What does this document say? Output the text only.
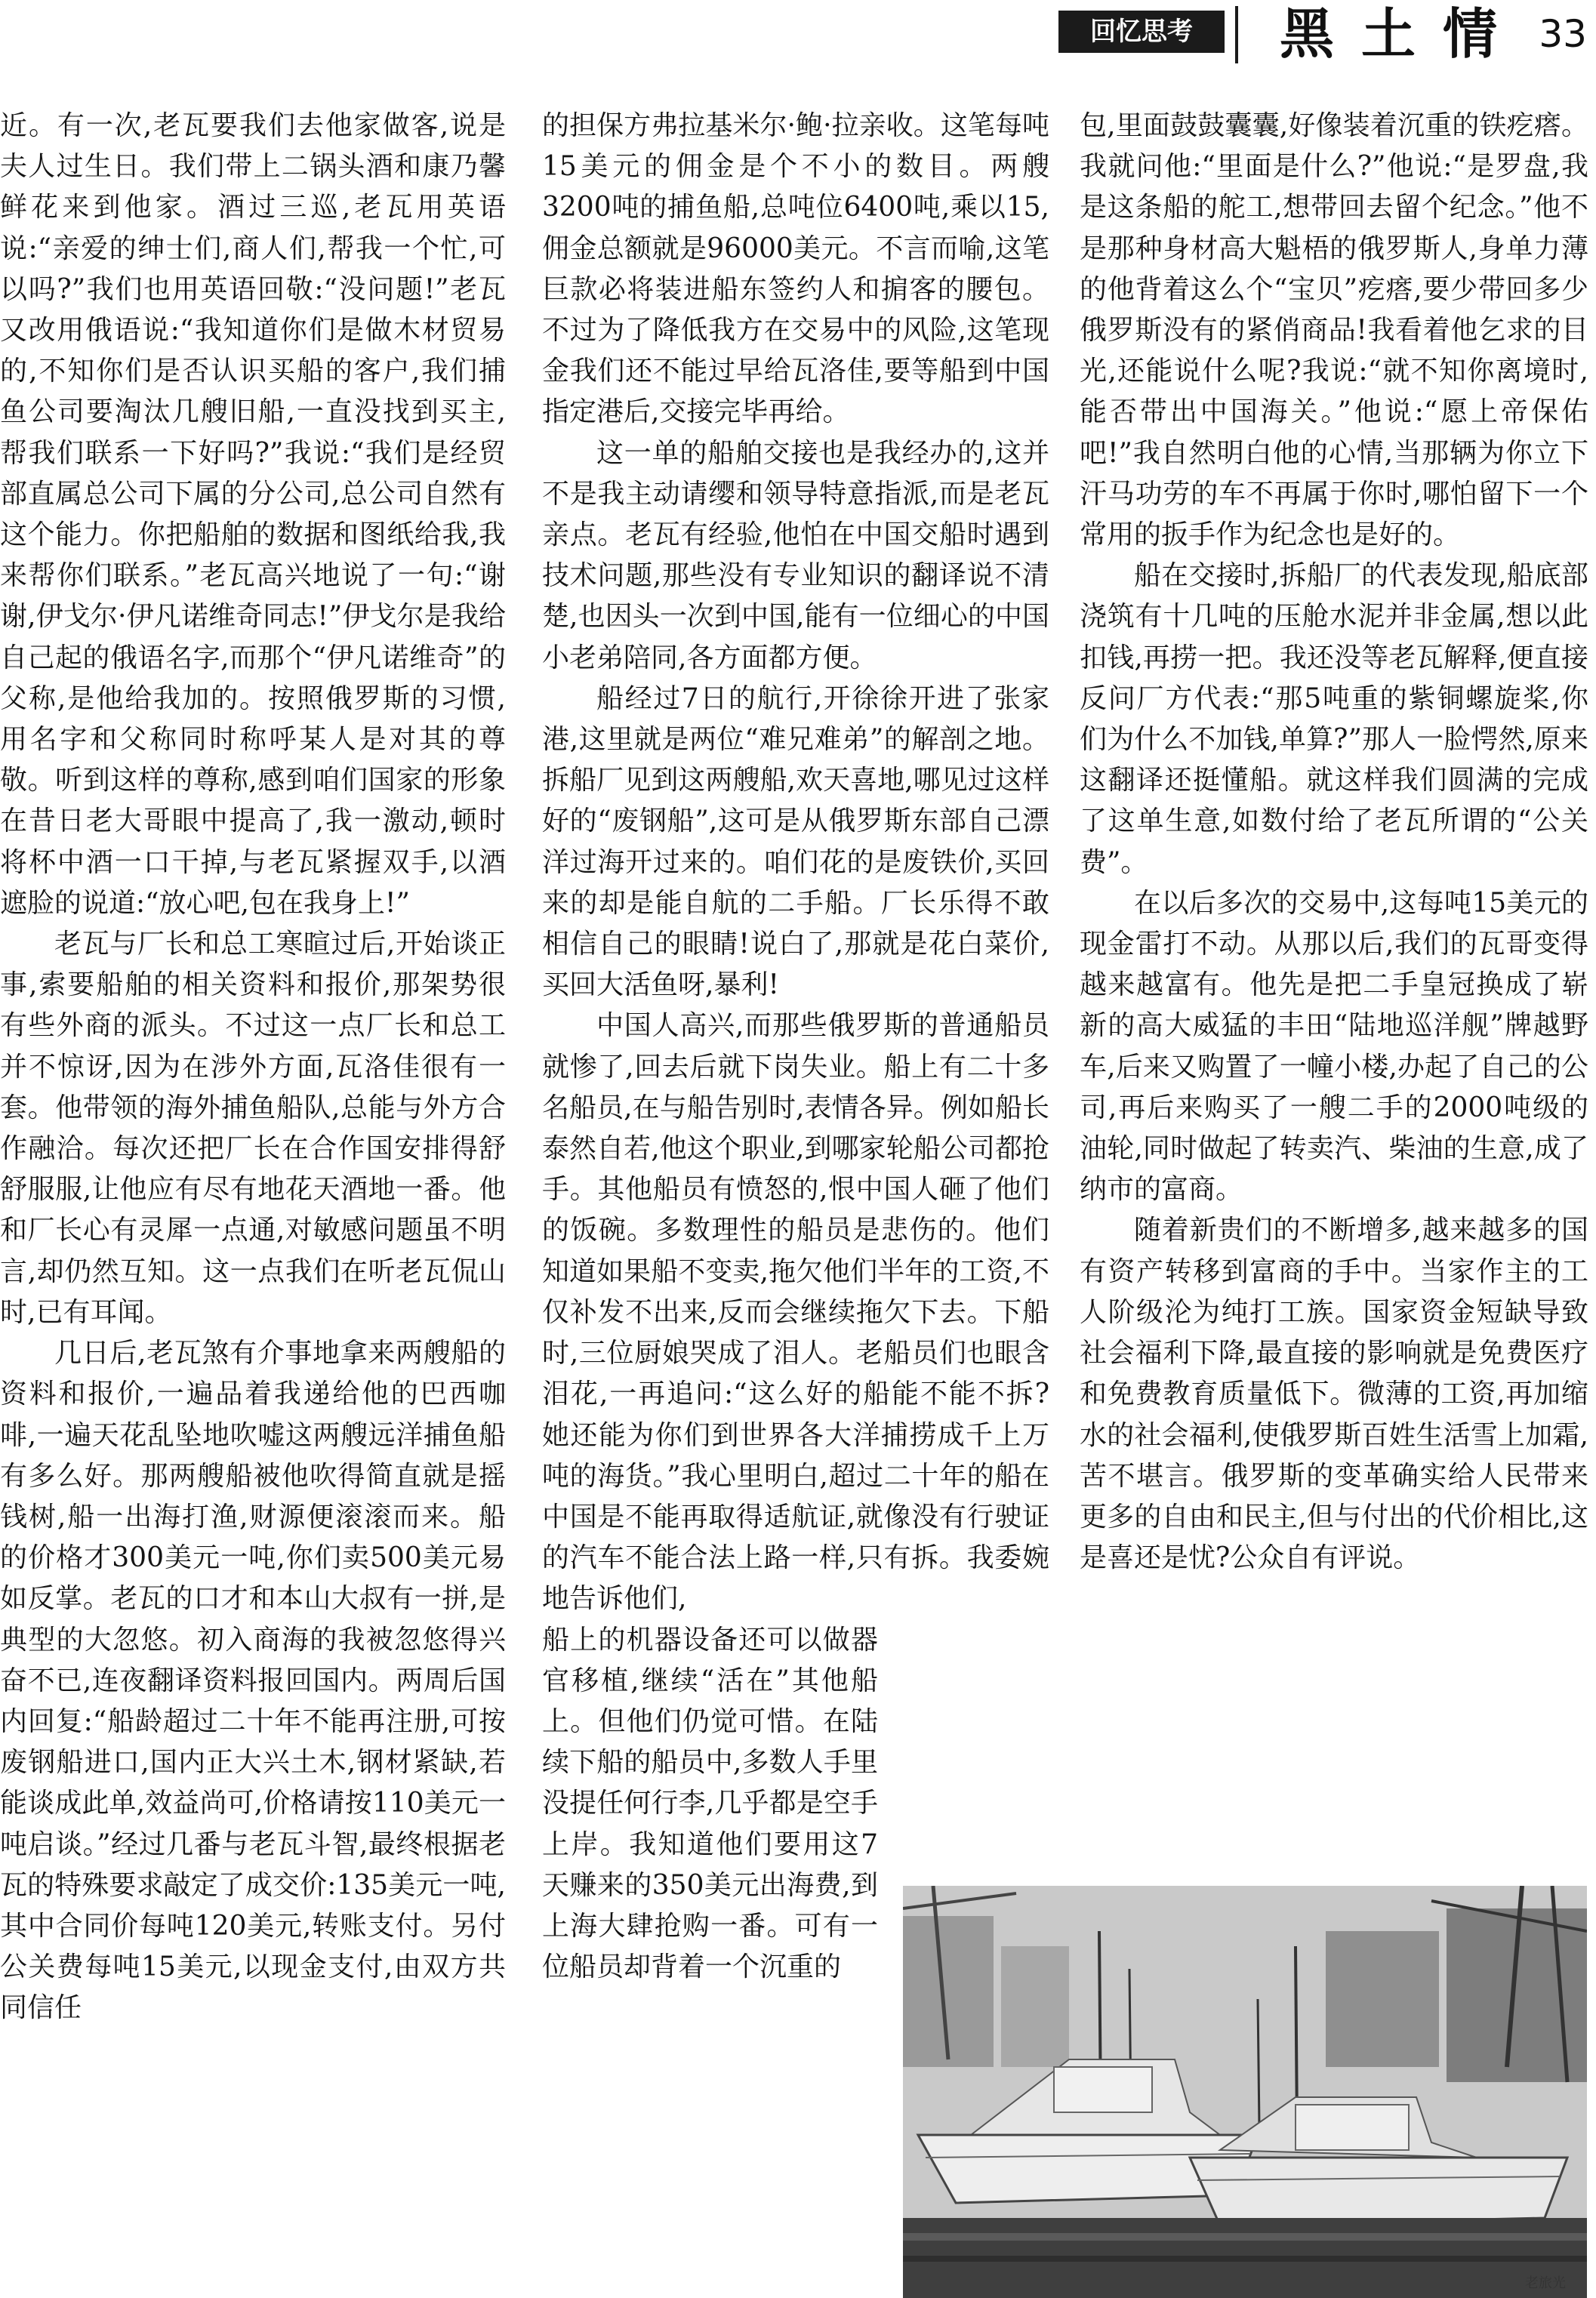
回忆思考	黑土情 33

近。有一次,老瓦要我们去他家做客,说是夫人过生日。我们带上二锅头酒和康乃馨鲜花来到他家。酒过三巡,老瓦用英语说:“亲爱的绅士们,商人们,帮我一个忙,可以吗?”我们也用英语回敬:“没问题!”老瓦又改用俄语说:“我知道你们是做木材贸易的,不知你们是否认识买船的客户,我们捕鱼公司要淘汰几艘旧船,一直没找到买主,帮我们联系一下好吗?”我说:“我们是经贸部直属总公司下属的分公司,总公司自然有这个能力。你把船舶的数据和图纸给我,我来帮你们联系。”老瓦高兴地说了一句:“谢谢,伊戈尔·伊凡诺维奇同志!”伊戈尔是我给自己起的俄语名字,而那个“伊凡诺维奇”的父称,是他给我加的。按照俄罗斯的习惯,用名字和父称同时称呼某人是对其的尊敬。听到这样的尊称,感到咱们国家的形象在昔日老大哥眼中提高了,我一激动,顿时将杯中酒一口干掉,与老瓦紧握双手,以酒遮脸的说道:“放心吧,包在我身上!”

老瓦与厂长和总工寒暄过后,开始谈正事,索要船舶的相关资料和报价,那架势很有些外商的派头。不过这一点厂长和总工并不惊讶,因为在涉外方面,瓦洛佳很有一套。他带领的海外捕鱼船队,总能与外方合作融洽。每次还把厂长在合作国安排得舒舒服服,让他应有尽有地花天酒地一番。他和厂长心有灵犀一点通,对敏感问题虽不明言,却仍然互知。这一点我们在听老瓦侃山时,已有耳闻。

几日后,老瓦煞有介事地拿来两艘船的资料和报价,一遍品着我递给他的巴西咖啡,一遍天花乱坠地吹嘘这两艘远洋捕鱼船有多么好。那两艘船被他吹得简直就是摇钱树,船一出海打渔,财源便滚滚而来。船的价格才300美元一吨,你们卖500美元易如反掌。老瓦的口才和本山大叔有一拼,是典型的大忽悠。初入商海的我被忽悠得兴奋不已,连夜翻译资料报回国内。两周后国内回复:“船龄超过二十年不能再注册,可按废钢船进口,国内正大兴土木,钢材紧缺,若能谈成此单,效益尚可,价格请按110美元一吨启谈。”经过几番与老瓦斗智,最终根据老瓦的特殊要求敲定了成交价:135美元一吨,其中合同价每吨120美元,转账支付。另付公关费每吨15美元,以现金支付,由双方共同信任

的担保方弗拉基米尔·鲍·拉亲收。这笔每吨15美元的佣金是个不小的数目。两艘3200吨的捕鱼船,总吨位6400吨,乘以15,佣金总额就是96000美元。不言而喻,这笔巨款必将装进船东签约人和掮客的腰包。不过为了降低我方在交易中的风险,这笔现金我们还不能过早给瓦洛佳,要等船到中国指定港后,交接完毕再给。

这一单的船舶交接也是我经办的,这并不是我主动请缨和领导特意指派,而是老瓦亲点。老瓦有经验,他怕在中国交船时遇到技术问题,那些没有专业知识的翻译说不清楚,也因头一次到中国,能有一位细心的中国小老弟陪同,各方面都方便。

船经过7日的航行,开徐徐开进了张家港,这里就是两位“难兄难弟”的解剖之地。拆船厂见到这两艘船,欢天喜地,哪见过这样好的“废钢船”,这可是从俄罗斯东部自己漂洋过海开过来的。咱们花的是废铁价,买回来的却是能自航的二手船。厂长乐得不敢相信自己的眼睛!说白了,那就是花白菜价,买回大活鱼呀,暴利!

中国人高兴,而那些俄罗斯的普通船员就惨了,回去后就下岗失业。船上有二十多名船员,在与船告别时,表情各异。例如船长泰然自若,他这个职业,到哪家轮船公司都抢手。其他船员有愤怒的,恨中国人砸了他们的饭碗。多数理性的船员是悲伤的。他们知道如果船不变卖,拖欠他们半年的工资,不仅补发不出来,反而会继续拖欠下去。下船时,三位厨娘哭成了泪人。老船员们也眼含泪花,一再追问:“这么好的船能不能不拆?她还能为你们到世界各大洋捕捞成千上万吨的海货。”我心里明白,超过二十年的船在中国是不能再取得适航证,就像没有行驶证的汽车不能合法上路一样,只有拆。我委婉地告诉他们,

船上的机器设备还可以做器官移植,继续“活在”其他船上。但他们仍觉可惜。在陆续下船的船员中,多数人手里没提任何行李,几乎都是空手上岸。我知道他们要用这7天赚来的350美元出海费,到上海大肆抢购一番。可有一位船员却背着一个沉重的

包,里面鼓鼓囊囊,好像装着沉重的铁疙瘩。我就问他:“里面是什么?”他说:“是罗盘,我是这条船的舵工,想带回去留个纪念。”他不是那种身材高大魁梧的俄罗斯人,身单力薄的他背着这么个“宝贝”疙瘩,要少带回多少俄罗斯没有的紧俏商品!我看着他乞求的目光,还能说什么呢?我说:“就不知你离境时,能否带出中国海关。”他说:“愿上帝保佑吧!”我自然明白他的心情,当那辆为你立下汗马功劳的车不再属于你时,哪怕留下一个常用的扳手作为纪念也是好的。

船在交接时,拆船厂的代表发现,船底部浇筑有十几吨的压舱水泥并非金属,想以此扣钱,再捞一把。我还没等老瓦解释,便直接反问厂方代表:“那5吨重的紫铜螺旋桨,你们为什么不加钱,单算?”那人一脸愕然,原来这翻译还挺懂船。就这样我们圆满的完成了这单生意,如数付给了老瓦所谓的“公关费”。

在以后多次的交易中,这每吨15美元的现金雷打不动。从那以后,我们的瓦哥变得越来越富有。他先是把二手皇冠换成了崭新的高大威猛的丰田“陆地巡洋舰”牌越野车,后来又购置了一幢小楼,办起了自己的公司,再后来购买了一艘二手的2000吨级的油轮,同时做起了转卖汽、柴油的生意,成了纳市的富商。

随着新贵们的不断增多,越来越多的国有资产转移到富商的手中。当家作主的工人阶级沦为纯打工族。国家资金短缺导致社会福利下降,最直接的影响就是免费医疗和免费教育质量低下。微薄的工资,再加缩水的社会福利,使俄罗斯百姓生活雪上加霜,苦不堪言。俄罗斯的变革确实给人民带来更多的自由和民主,但与付出的代价相比,这是喜还是忧?公众自有评说。

老旅光
